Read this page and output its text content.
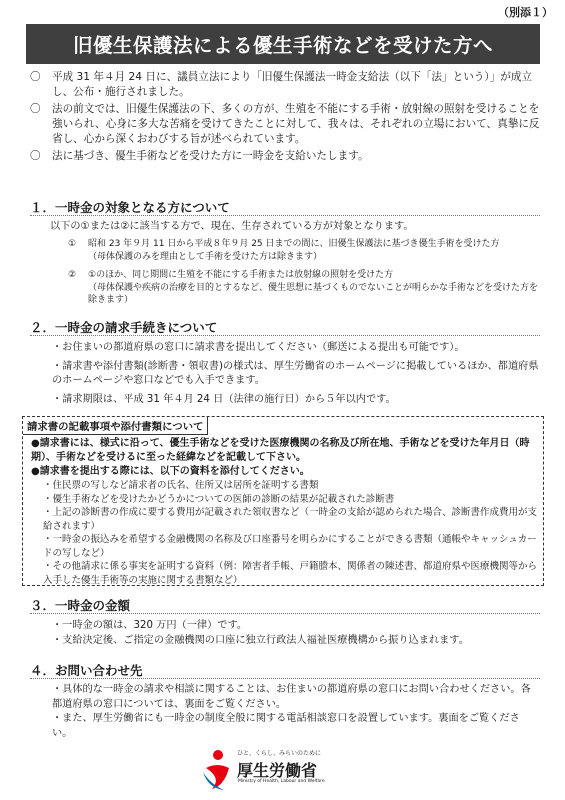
（別添１）
旧優生保護法による優生手術などを受けた方へ
〇	平成 31 年４月 24 日に、議員立法により「旧優生保護法一時金支給法（以下「法」という）」が成立し、公布・施行されました。
〇	法の前文では、旧優生保護法の下、多くの方が、生殖を不能にする手術・放射線の照射を受けることを強いられ、心身に多大な苦痛を受けてきたことに対して、我々は、それぞれの立場において、真摯に反省し、心から深くおわびする旨が述べられています。
〇	法に基づき、優生手術などを受けた方に一時金を支給いたします。
１．一時金の対象となる方について
以下の①または②に該当する方で、現在、生存されている方が対象となります。
①	昭和 23 年９月 11 日から平成８年９月 25 日までの間に、旧優生保護法に基づき優生手術を受けた方
（母体保護のみを理由として手術を受けた方は除きます）
②	①のほか、同じ期間に生殖を不能にする手術または放射線の照射を受けた方
（母体保護や疾病の治療を目的とするなど、優生思想に基づくものでないことが明らかな手術などを受けた方を除きます）
２．一時金の請求手続きについて
・お住まいの都道府県の窓口に請求書を提出してください（郵送による提出も可能です）。
・請求書や添付書類(診断書・領収書)の様式は、厚生労働省のホームページに掲載しているほか、都道府県のホームページや窓口などでも入手できます。
・請求期限は、平成 31 年４月 24 日（法律の施行日）から５年以内です。
請求書の記載事項や添付書類について
●請求書には、様式に沿って、優生手術などを受けた医療機関の名称及び所在地、手術などを受けた年月日（時期）、手術などを受けるに至った経緯などを記載して下さい。
●請求書を提出する際には、以下の資料を添付してください。
・住民票の写しなど請求者の氏名、住所又は居所を証明する書類
・優生手術などを受けたかどうかについての医師の診断の結果が記載された診断書
・上記の診断書の作成に要する費用が記載された領収書など（一時金の支給が認められた場合、診断書作成費用が支給されます）
・一時金の振込みを希望する金融機関の名称及び口座番号を明らかにすることができる書類（通帳やキャッシュカードの写しなど）
・その他請求に係る事実を証明する資料（例：障害者手帳、戸籍謄本、関係者の陳述書、都道府県や医療機関等から入手した優生手術等の実施に関する書類など）
３．一時金の金額
・一時金の額は、320 万円（一律）です。
・支給決定後、ご指定の金融機関の口座に独立行政法人福祉医療機構から振り込まれます。
４．お問い合わせ先
・具体的な一時金の請求や相談に関することは、お住まいの都道府県の窓口にお問い合わせください。各都道府県の窓口については、裏面をご覧ください。
・また、厚生労働省にも一時金の制度全般に関する電話相談窓口を設置しています。裏面をご覧ください。
ひと、くらし、みらいのために
厚生労働省
Ministry of Health, Labour and Welfare
